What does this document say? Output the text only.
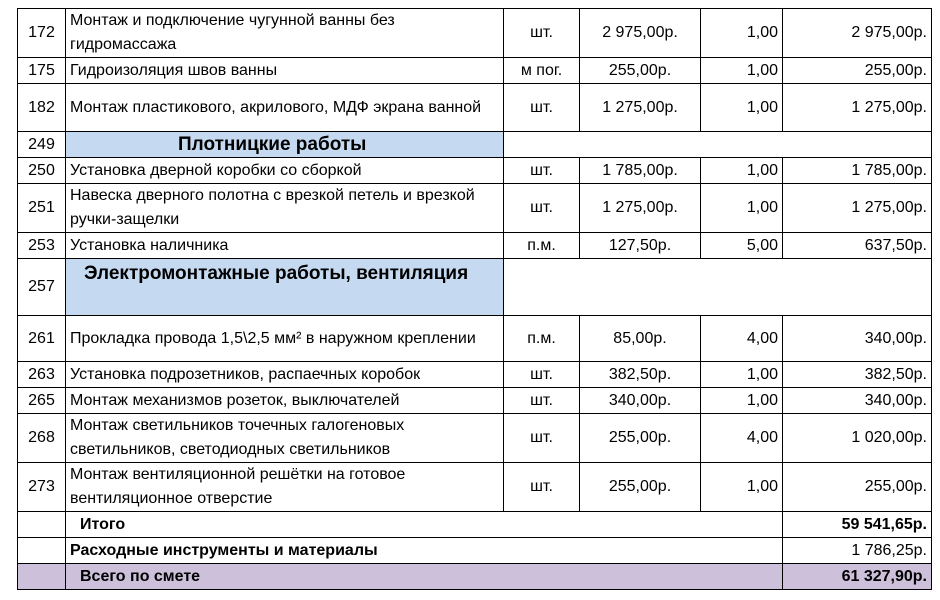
172	Монтаж и подключение чугунной ванны без гидромассажа	шт.	2 975,00р.	1,00	2 975,00р.
175	Гидроизоляция швов ванны	м пог.	255,00р.	1,00	255,00р.
182	Монтаж пластикового, акрилового, МДФ экрана ванной	шт.	1 275,00р.	1,00	1 275,00р.
249	Плотницкие работы				
250	Установка дверной коробки со сборкой	шт.	1 785,00р.	1,00	1 785,00р.
251	Навеска дверного полотна с врезкой петель и врезкой ручки-защелки	шт.	1 275,00р.	1,00	1 275,00р.
253	Установка наличника	п.м.	127,50р.	5,00	637,50р.
257	Электромонтажные работы, вентиляция				
261	Прокладка провода 1,5\2,5 мм² в наружном креплении	п.м.	85,00р.	4,00	340,00р.
263	Установка подрозетников, распаечных коробок	шт.	382,50р.	1,00	382,50р.
265	Монтаж механизмов розеток, выключателей	шт.	340,00р.	1,00	340,00р.
268	Монтаж светильников точечных галогеновых светильников, светодиодных светильников	шт.	255,00р.	4,00	1 020,00р.
273	Монтаж вентиляционной решётки на готовое вентиляционное отверстие	шт.	255,00р.	1,00	255,00р.
	Итого				59 541,65р.
	Расходные инструменты и материалы				1 786,25р.
	Всего по смете				61 327,90р.
